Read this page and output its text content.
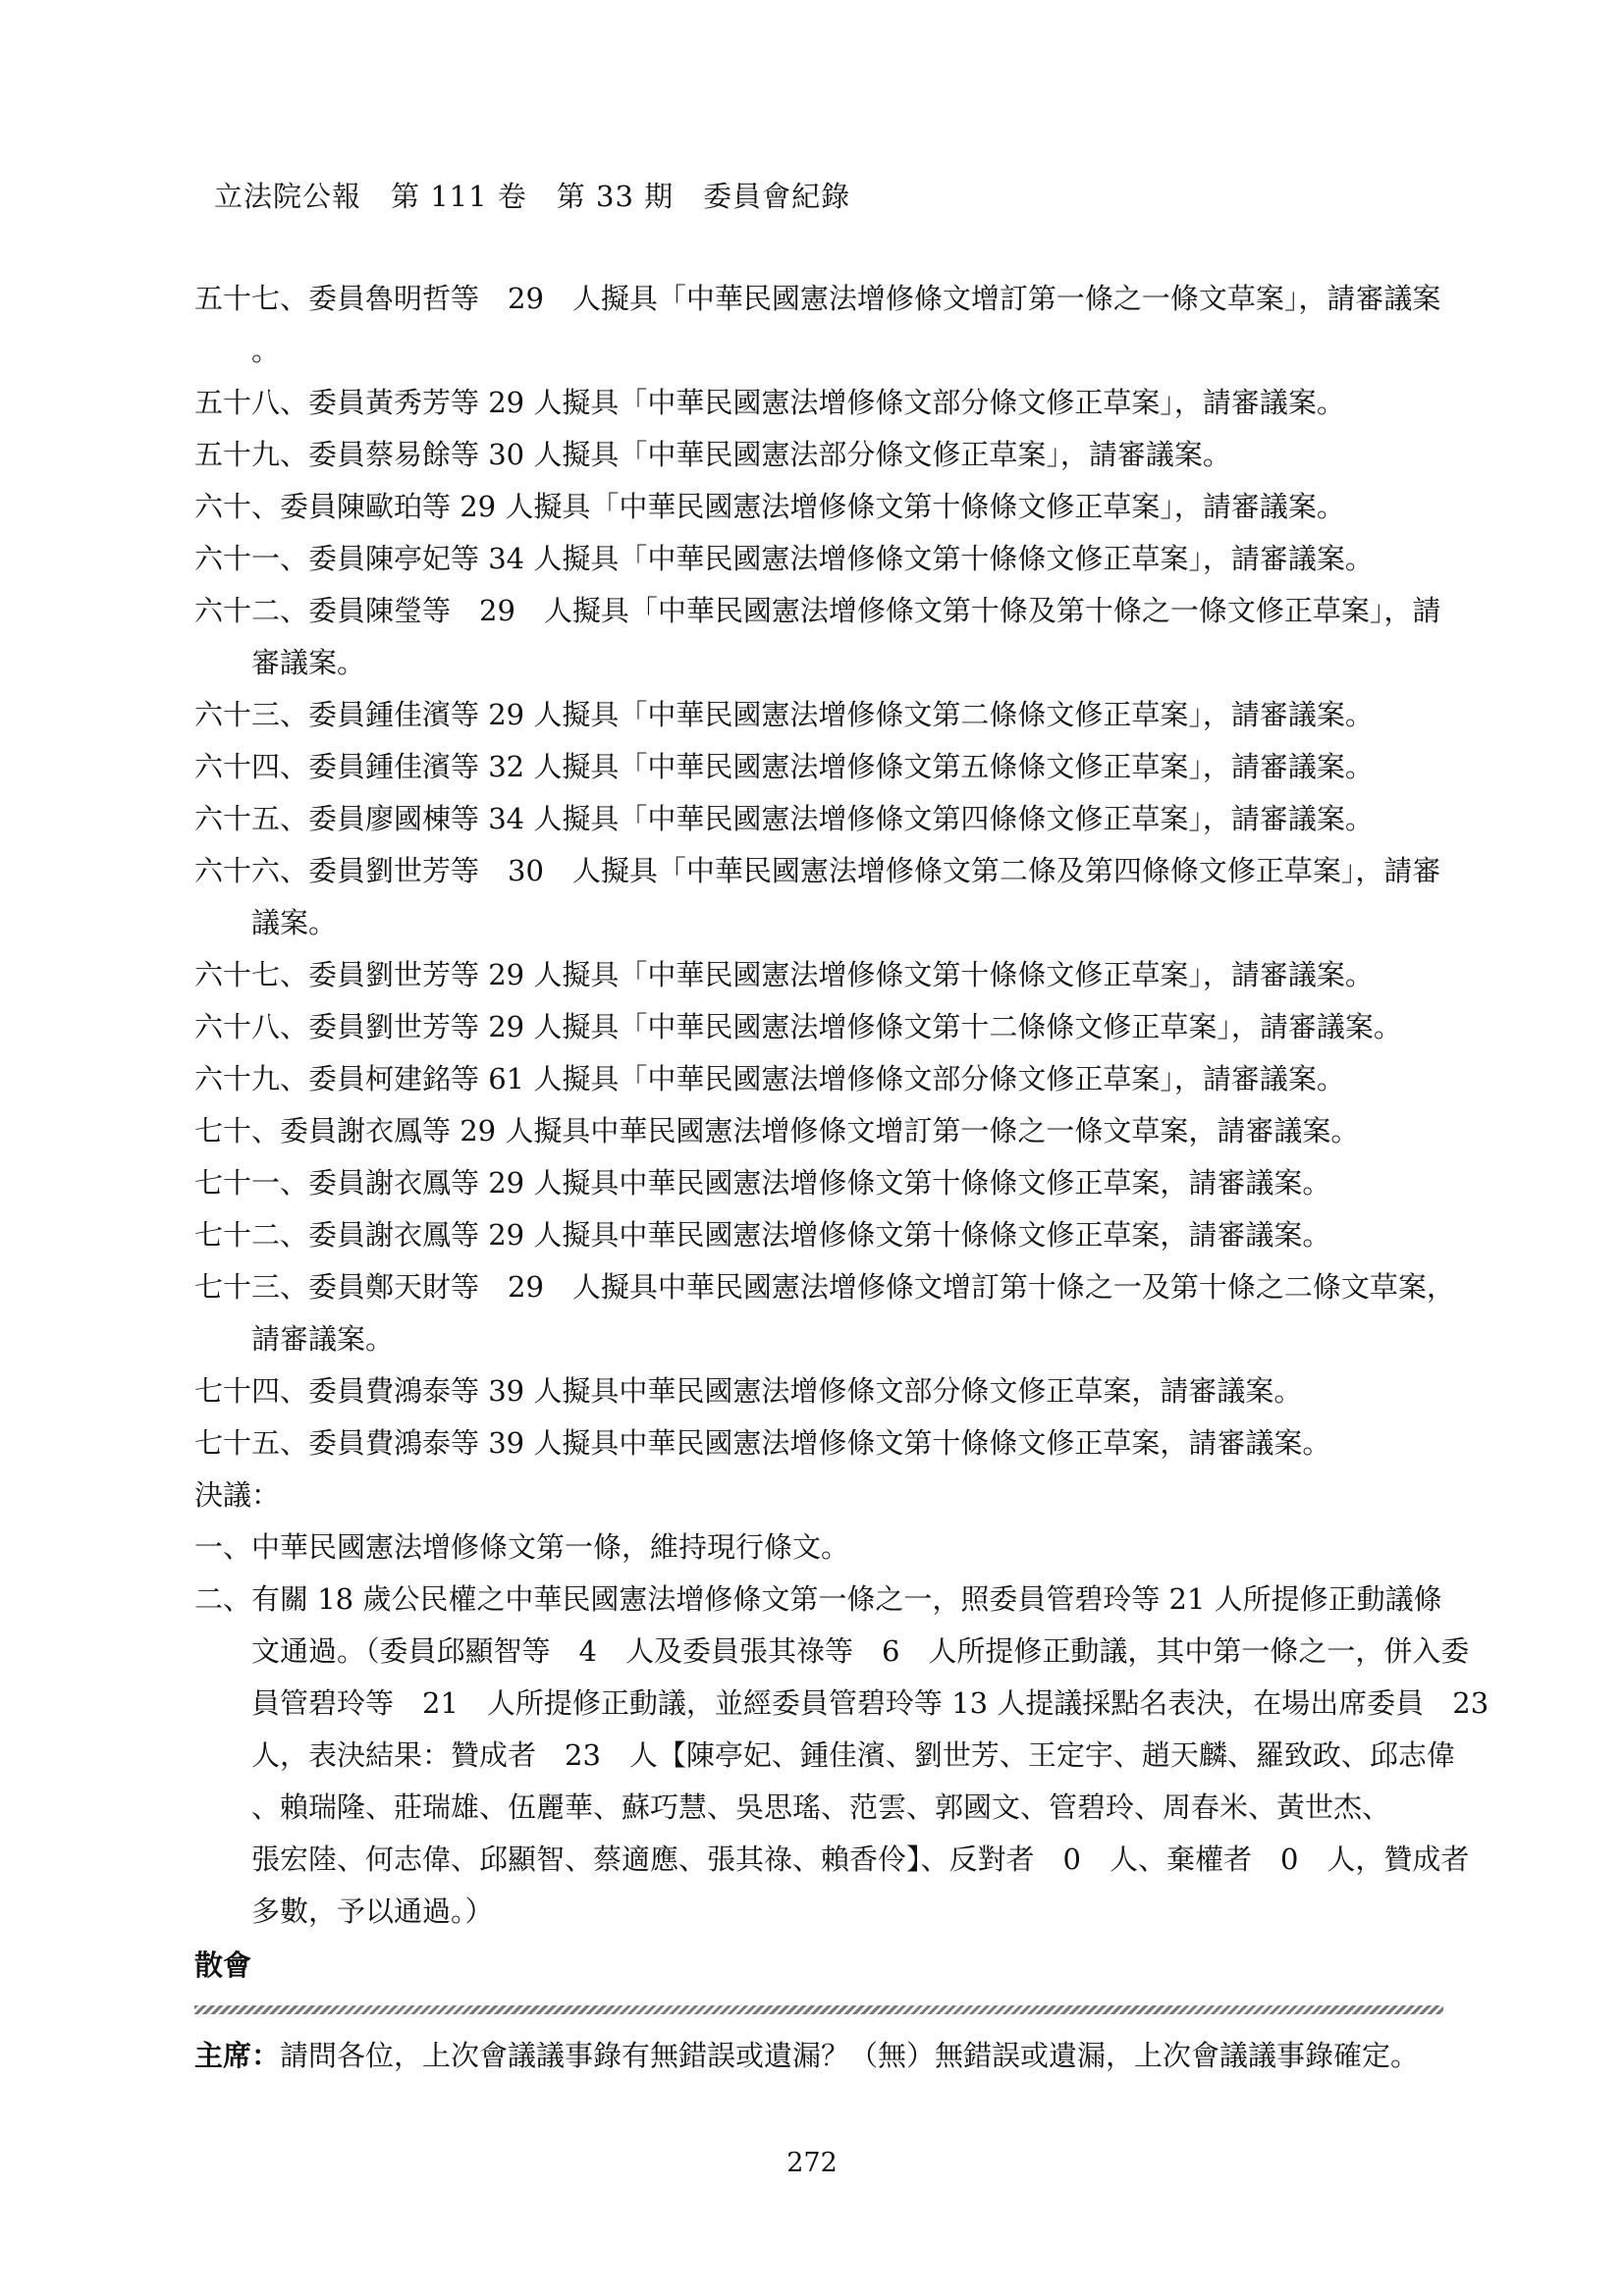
立法院公報　第 111 卷　第 33 期　委員會紀錄
五十七、委員魯明哲等　29　人擬具「中華民國憲法增修條文增訂第一條之一條文草案」，請審議案
。
五十八、委員黃秀芳等 29 人擬具「中華民國憲法增修條文部分條文修正草案」，請審議案。
五十九、委員蔡易餘等 30 人擬具「中華民國憲法部分條文修正草案」，請審議案。
六十、委員陳歐珀等 29 人擬具「中華民國憲法增修條文第十條條文修正草案」，請審議案。
六十一、委員陳亭妃等 34 人擬具「中華民國憲法增修條文第十條條文修正草案」，請審議案。
六十二、委員陳瑩等　29　人擬具「中華民國憲法增修條文第十條及第十條之一條文修正草案」，請
審議案。
六十三、委員鍾佳濱等 29 人擬具「中華民國憲法增修條文第二條條文修正草案」，請審議案。
六十四、委員鍾佳濱等 32 人擬具「中華民國憲法增修條文第五條條文修正草案」，請審議案。
六十五、委員廖國棟等 34 人擬具「中華民國憲法增修條文第四條條文修正草案」，請審議案。
六十六、委員劉世芳等　30　人擬具「中華民國憲法增修條文第二條及第四條條文修正草案」，請審
議案。
六十七、委員劉世芳等 29 人擬具「中華民國憲法增修條文第十條條文修正草案」，請審議案。
六十八、委員劉世芳等 29 人擬具「中華民國憲法增修條文第十二條條文修正草案」，請審議案。
六十九、委員柯建銘等 61 人擬具「中華民國憲法增修條文部分條文修正草案」，請審議案。
七十、委員謝衣鳳等 29 人擬具中華民國憲法增修條文增訂第一條之一條文草案，請審議案。
七十一、委員謝衣鳳等 29 人擬具中華民國憲法增修條文第十條條文修正草案，請審議案。
七十二、委員謝衣鳳等 29 人擬具中華民國憲法增修條文第十條條文修正草案，請審議案。
七十三、委員鄭天財等　29　人擬具中華民國憲法增修條文增訂第十條之一及第十條之二條文草案，
請審議案。
七十四、委員費鴻泰等 39 人擬具中華民國憲法增修條文部分條文修正草案，請審議案。
七十五、委員費鴻泰等 39 人擬具中華民國憲法增修條文第十條條文修正草案，請審議案。
決議：
一、中華民國憲法增修條文第一條，維持現行條文。
二、有關 18 歲公民權之中華民國憲法增修條文第一條之一，照委員管碧玲等 21 人所提修正動議條
文通過。（委員邱顯智等　4　人及委員張其祿等　6　人所提修正動議，其中第一條之一，併入委
員管碧玲等　21　人所提修正動議，並經委員管碧玲等 13 人提議採點名表決，在場出席委員　23
人，表決結果：贊成者　23　人【陳亭妃、鍾佳濱、劉世芳、王定宇、趙天麟、羅致政、邱志偉
、賴瑞隆、莊瑞雄、伍麗華、蘇巧慧、吳思瑤、范雲、郭國文、管碧玲、周春米、黃世杰、
張宏陸、何志偉、邱顯智、蔡適應、張其祿、賴香伶】、反對者　0　人、棄權者　0　人，贊成者
多數，予以通過。）
散會
主席：請問各位，上次會議議事錄有無錯誤或遺漏？（無）無錯誤或遺漏，上次會議議事錄確定。
272
